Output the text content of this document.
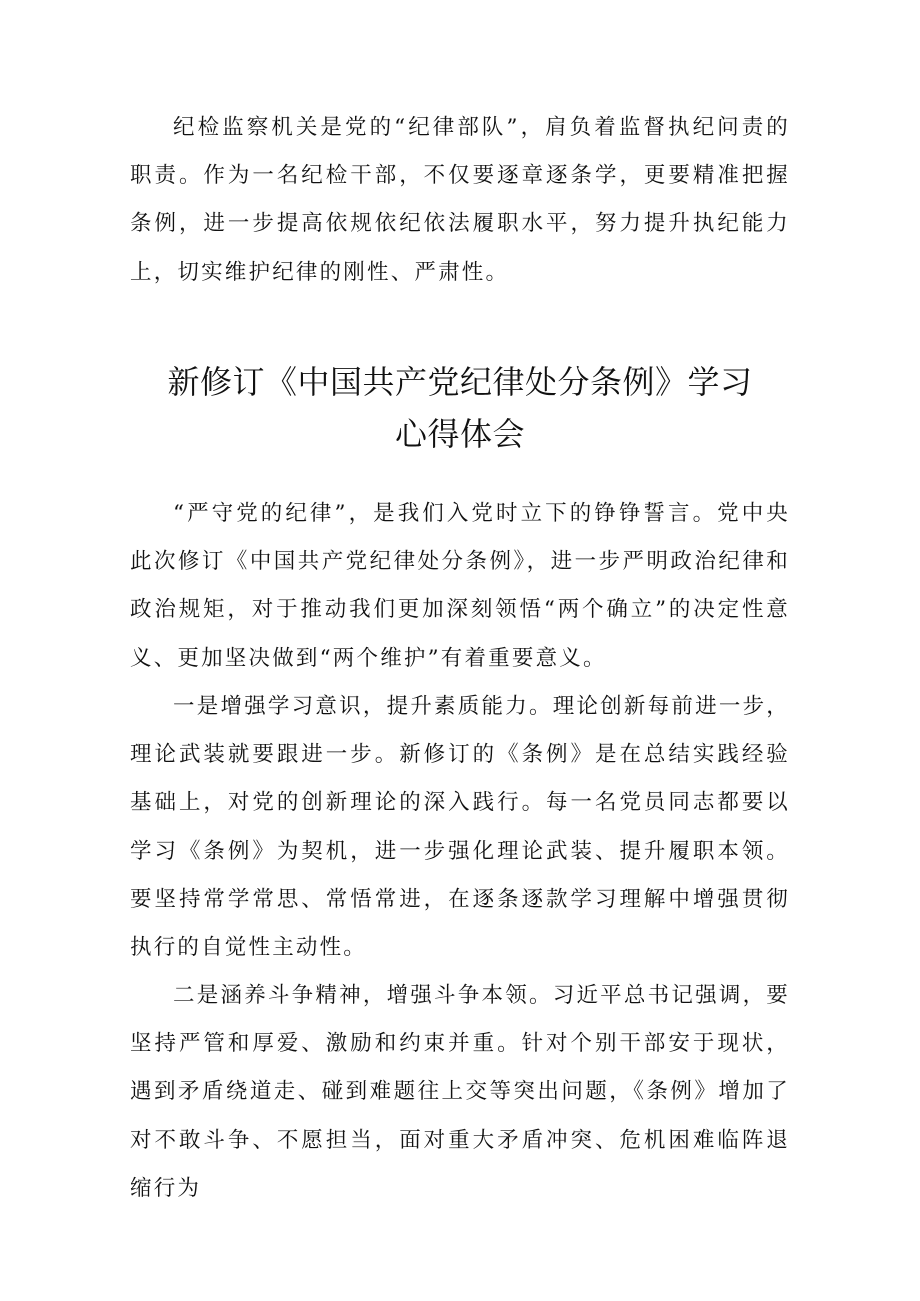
纪检监察机关是党的“纪律部队”，肩负着监督执纪问责的职责。作为一名纪检干部，不仅要逐章逐条学，更要精准把握条例，进一步提高依规依纪依法履职水平，努力提升执纪能力上，切实维护纪律的刚性、严肃性。

新修订《中国共产党纪律处分条例》学习
心得体会

“严守党的纪律”，是我们入党时立下的铮铮誓言。党中央此次修订《中国共产党纪律处分条例》，进一步严明政治纪律和政治规矩，对于推动我们更加深刻领悟“两个确立”的决定性意义、更加坚决做到“两个维护”有着重要意义。

一是增强学习意识，提升素质能力。理论创新每前进一步，理论武装就要跟进一步。新修订的《条例》是在总结实践经验基础上，对党的创新理论的深入践行。每一名党员同志都要以学习《条例》为契机，进一步强化理论武装、提升履职本领。要坚持常学常思、常悟常进，在逐条逐款学习理解中增强贯彻执行的自觉性主动性。

二是涵养斗争精神，增强斗争本领。习近平总书记强调，要坚持严管和厚爱、激励和约束并重。针对个别干部安于现状，遇到矛盾绕道走、碰到难题往上交等突出问题，《条例》增加了对不敢斗争、不愿担当，面对重大矛盾冲突、危机困难临阵退缩行为
